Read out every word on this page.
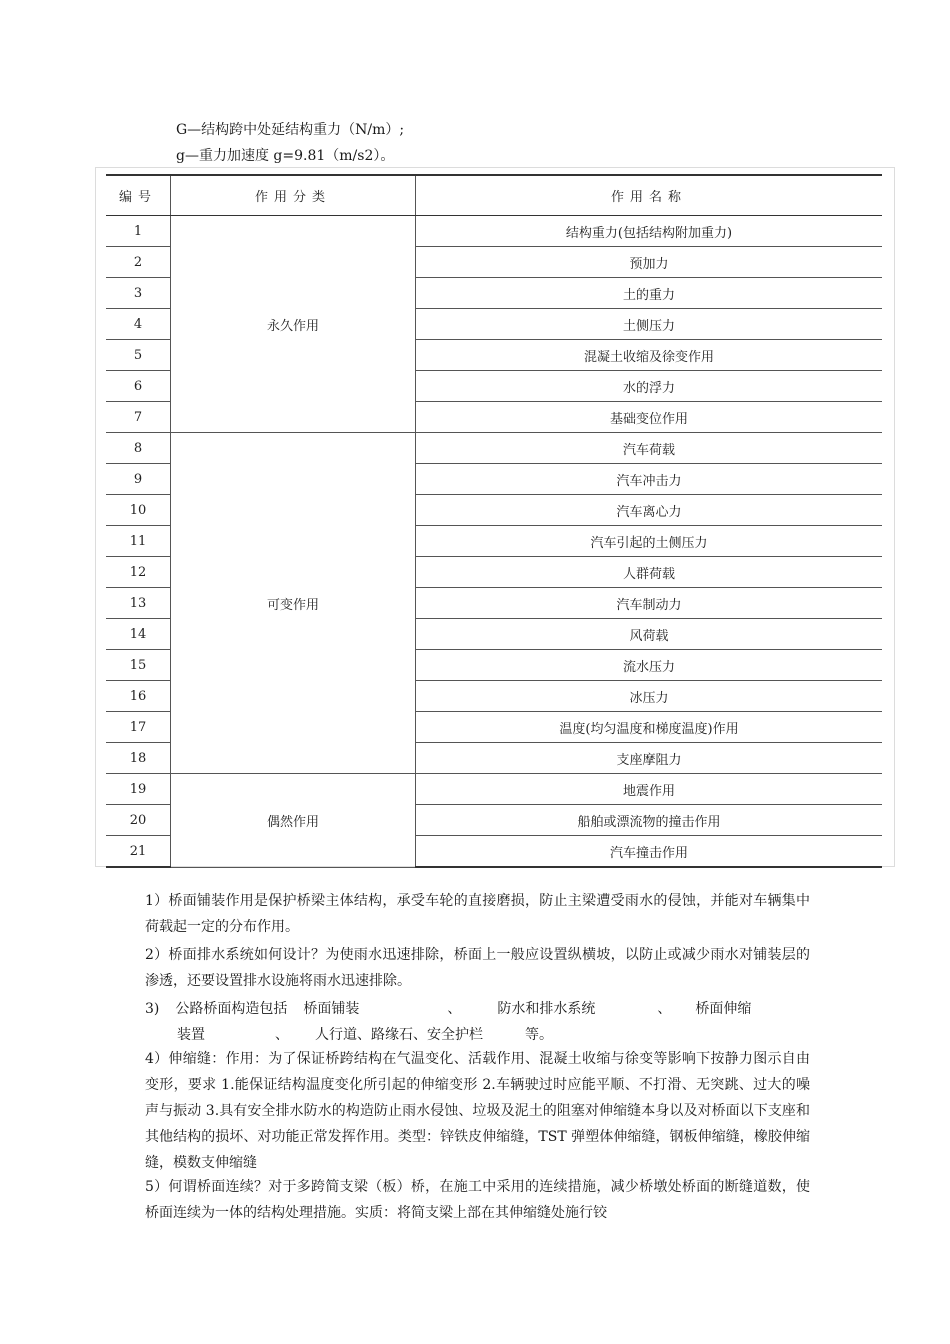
G—结构跨中处延结构重力（N/m）;
g—重力加速度 g=9.81（m/s2）。
编号	作用分类	作用名称
1	永久作用	结构重力(包括结构附加重力)
2		预加力
3		土的重力
4		土侧压力
5		混凝土收缩及徐变作用
6		水的浮力
7		基础变位作用
8	可变作用	汽车荷载
9		汽车冲击力
10		汽车离心力
11		汽车引起的土侧压力
12		人群荷载
13		汽车制动力
14		风荷载
15		流水压力
16		冰压力
17		温度(均匀温度和梯度温度)作用
18		支座摩阻力
19	偶然作用	地震作用
20		船舶或漂流物的撞击作用
21		汽车撞击作用

1）桥面铺装作用是保护桥梁主体结构，承受车轮的直接磨损，防止主梁遭受雨水的侵蚀，并能对车辆集中荷载起一定的分布作用。

2）桥面排水系统如何设计？为使雨水迅速排除，桥面上一般应设置纵横坡，以防止或减少雨水对铺装层的渗透，还要设置排水设施将雨水迅速排除。

3) 公路桥面构造包括 桥面铺装	、	防水和排水系统	、 桥面伸缩
装置	、 人行道、路缘石、安全护栏	等。

4）伸缩缝：作用：为了保证桥跨结构在气温变化、活载作用、混凝土收缩与徐变等影响下按静力图示自由变形，要求 1.能保证结构温度变化所引起的伸缩变形 2.车辆驶过时应能平顺、不打滑、无突跳、过大的噪声与振动 3.具有安全排水防水的构造防止雨水侵蚀、垃圾及泥土的阻塞对伸缩缝本身以及对桥面以下支座和其他结构的损坏、对功能正常发挥作用。类型：锌铁皮伸缩缝，TST 弹塑体伸缩缝，钢板伸缩缝，橡胶伸缩缝，模数支伸缩缝

5）何谓桥面连续？对于多跨简支梁（板）桥，在施工中采用的连续措施，减少桥墩处桥面的断缝道数，使桥面连续为一体的结构处理措施。实质：将简支梁上部在其伸缩缝处施行铰
